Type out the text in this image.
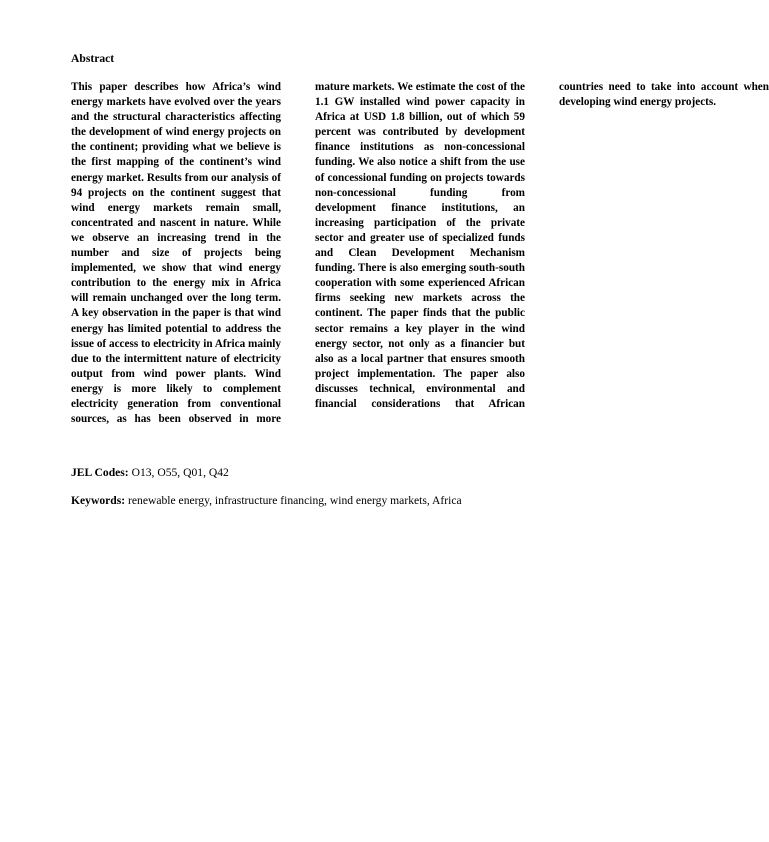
Abstract
This paper describes how Africa’s wind energy markets have evolved over the years and the structural characteristics affecting the development of wind energy projects on the continent; providing what we believe is the first mapping of the continent’s wind energy market. Results from our analysis of 94 projects on the continent suggest that wind energy markets remain small, concentrated and nascent in nature. While we observe an increasing trend in the number and size of projects being implemented, we show that wind energy contribution to the energy mix in Africa will remain unchanged over the long term. A key observation in the paper is that wind energy has limited potential to address the issue of access to electricity in Africa mainly due to the intermittent nature of electricity output from wind power plants. Wind energy is more likely to complement electricity generation from conventional sources, as has been observed in more mature markets. We estimate the cost of the 1.1 GW installed wind power capacity in Africa at USD 1.8 billion, out of which 59 percent was contributed by development finance institutions as non-concessional funding. We also notice a shift from the use of concessional funding on projects towards non-concessional funding from development finance institutions, an increasing participation of the private sector and greater use of specialized funds and Clean Development Mechanism funding. There is also emerging south-south cooperation with some experienced African firms seeking new markets across the continent. The paper finds that the public sector remains a key player in the wind energy sector, not only as a financier but also as a local partner that ensures smooth project implementation. The paper also discusses technical, environmental and financial considerations that African countries need to take into account when developing wind energy projects.
JEL Codes: O13, O55, Q01, Q42
Keywords: renewable energy, infrastructure financing, wind energy markets, Africa
